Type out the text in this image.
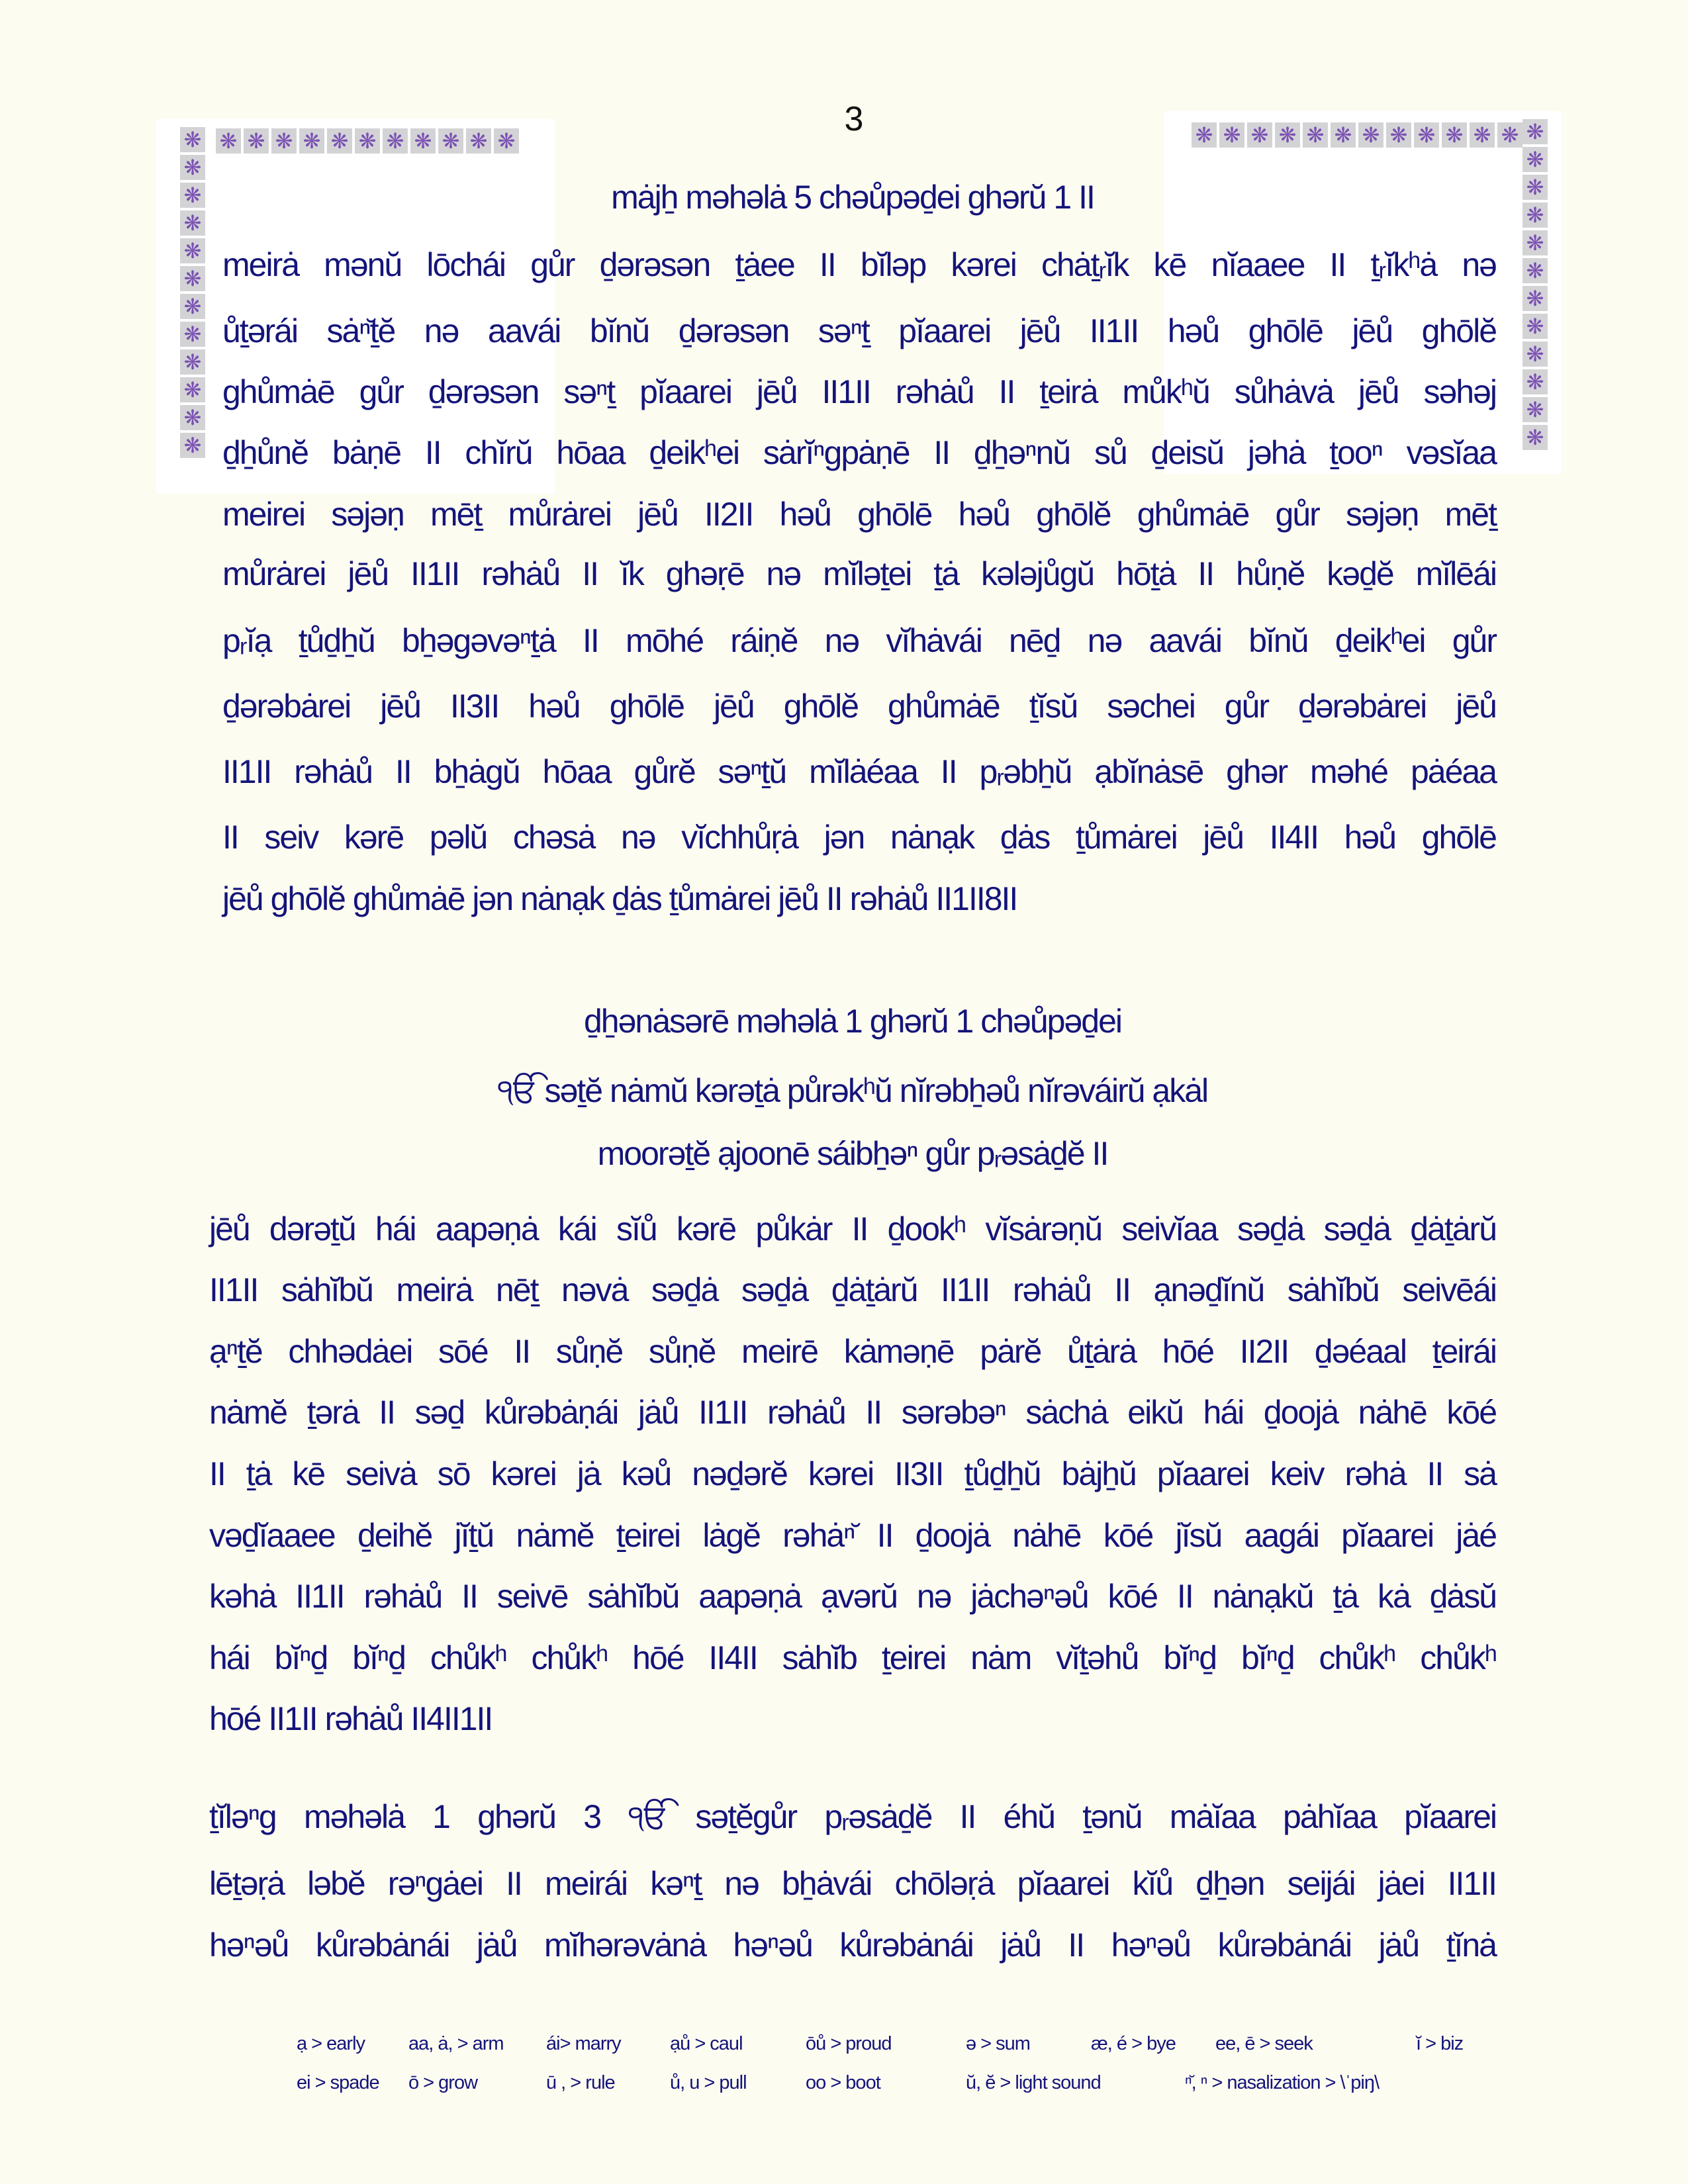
❋
❋
❋
❋
❋
❋
❋
❋
❋
❋
❋
❋
❋ ❋ ❋ ❋ ❋ ❋ ❋ ❋ ❋ ❋ ❋	❋ ❋ ❋ ❋ ❋ ❋ ❋ ❋ ❋ ❋ ❋ ❋ ❋
❋
❋
❋
❋
❋
❋
❋
❋
❋
❋
❋
3
mȧjẖ məhəlȧ 5 chəůpəḏei ghərŭ 1 II
meirȧ mənŭ lōchái gůr ḏərəsən ṯȧee II bĭləp kərei chȧṯᵣĭk kē nĭaaee II ṯᵣĭkʰȧ nə
ůṯərái sȧⁿ̆ṯĕ nə aavái bĭnŭ ḏərəsən səⁿṯ pĭaarei jēů II1II həů ghōlē jēů ghōlĕ
ghůmȧē gůr ḏərəsən səⁿṯ pĭaarei jēů II1II rəhȧů II ṯeirȧ můkʰŭ sůhȧvȧ jēů səhəj
ḏẖůnĕ bȧṇē II chĭrŭ hōaa ḏeikʰei sȧrĭⁿgpȧṇē II ḏẖəⁿnŭ sů ḏeisŭ jəhȧ ṯooⁿ vəsĭaa
meirei səjəṇ mēṯ můrȧrei jēů II2II həů ghōlē həů ghōlĕ ghůmȧē gůr səjəṇ mēṯ
můrȧrei jēů II1II rəhȧů II ĭk ghəṛē nə mĭləṯei ṯȧ kələjůgŭ hōṯȧ II hůṇĕ kəḏĕ mĭlēái
pᵣĭạ ṯůḏẖŭ bẖəgəvəⁿṯȧ II mōhé ráiṇĕ nə vĭhȧvái nēḏ nə aavái bĭnŭ ḏeikʰei gůr
ḏərəbȧrei jēů II3II həů ghōlē jēů ghōlĕ ghůmȧē ṯĭsŭ səchei gůr ḏərəbȧrei jēů
II1II rəhȧů II bẖȧgŭ hōaa gůrĕ səⁿṯŭ mĭlȧéaa II pᵣəbẖŭ ạbĭnȧsē ghər məhé pȧéaa
II seiv kərē pəlŭ chəsȧ nə vĭchhůṛȧ jən nȧnạk ḏȧs ṯůmȧrei jēů II4II həů ghōlē
jēů ghōlĕ ghůmȧē jən nȧnạk ḏȧs ṯůmȧrei jēů II rəhȧů II1II8II
ḏẖənȧsərē məhəlȧ 1 ghərŭ 1 chəůpəḏei
ੴ səṯĕ nȧmŭ kərəṯȧ půrəkʰŭ nĭrəbẖəů nĭrəváirŭ ạkȧl
moorəṯĕ ạjoonē sáibẖəⁿ gůr pᵣəsȧḏĕ II
jēů dərəṯŭ hái aapəṇȧ kái sĭů kərē půkȧr II ḏookʰ vĭsȧrəṇŭ seivĭaa səḏȧ səḏȧ ḏȧṯȧrŭ
II1II sȧhĭbŭ meirȧ nēṯ nəvȧ səḏȧ səḏȧ ḏȧṯȧrŭ II1II rəhȧů II ạnəḏĭnŭ sȧhĭbŭ seivēái
ạⁿṯĕ chhədȧei sōé II sůṇĕ sůṇĕ meirē kȧməṇē pȧrĕ ůṯȧrȧ hōé II2II ḏəéaal ṯeirái
nȧmĕ ṯərȧ II səḏ kůrəbȧṇái jȧů II1II rəhȧů II sərəbəⁿ sȧchȧ eikŭ hái ḏoojȧ nȧhē kōé
II ṯȧ kē seivȧ sō kərei jȧ kəů nəḏərĕ kərei II3II ṯůḏẖŭ bȧjẖŭ pĭaarei keiv rəhȧ II sȧ
vəḏĭaaee ḏeihĕ jĭṯŭ nȧmĕ ṯeirei lȧgĕ rəhȧⁿ̆ II ḏoojȧ nȧhē kōé jĭsŭ aagái pĭaarei jȧé
kəhȧ II1II rəhȧů II seivē sȧhĭbŭ aapəṇȧ ạvərŭ nə jȧchəⁿəů kōé II nȧnạkŭ ṯȧ kȧ ḏȧsŭ
hái bĭⁿḏ bĭⁿḏ chůkʰ chůkʰ hōé II4II sȧhĭb ṯeirei nȧm vĭṯəhů bĭⁿḏ bĭⁿḏ chůkʰ chůkʰ
hōé II1II rəhȧů II4II1II
ṯĭləⁿg məhəlȧ 1 ghərŭ 3 ੴ səṯĕgůr pᵣəsȧḏĕ II éhŭ ṯənŭ mȧĭaa pȧhĭaa pĭaarei
lēṯəṛȧ ləbĕ rəⁿgȧei II meirái kəⁿṯ nə bẖȧvái chōləṛȧ pĭaarei kĭů ḏẖən seijái jȧei II1II
həⁿəů kůrəbȧnái jȧů mĭhərəvȧnȧ həⁿəů kůrəbȧnái jȧů II həⁿəů kůrəbȧnái jȧů ṯĭnȧ
ạ > early aa, ȧ, > arm ái> marry	ạů > caul	ōů > proud	ə > sum	æ, é > bye ee, ē > seek	ĭ > biz
ei > spade ō > grow	ū , > rule	ů, u > pull	oo > boot	ŭ, ĕ > light sound	ⁿ̆, ⁿ > nasalization > \ˈpiŋ\
